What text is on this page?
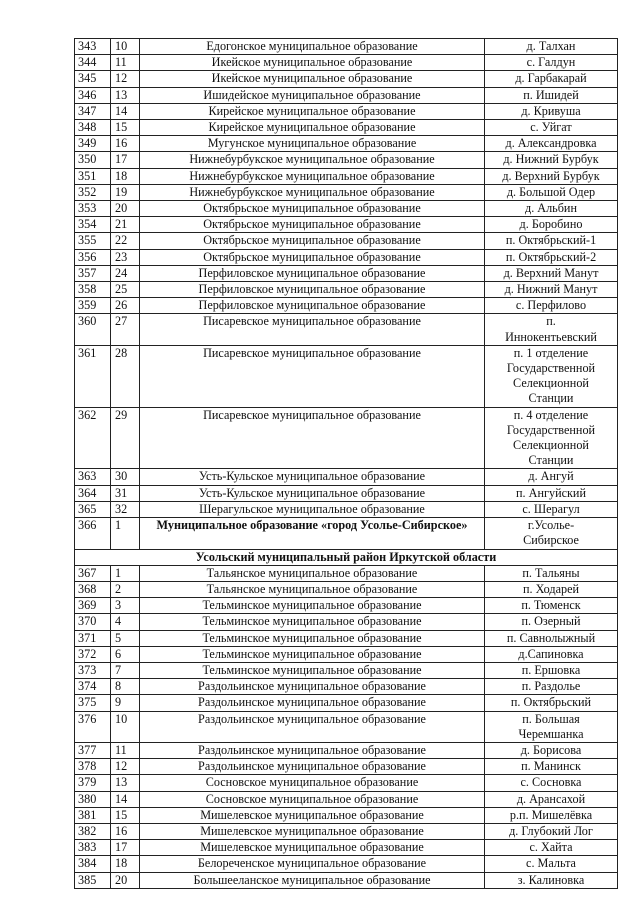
343	10	Едогонское муниципальное образование	д. Талхан

344	11	Икейское муниципальное образование	с. Галдун

345	12	Икейское муниципальное образование	д. Гарбакарай

346	13	Ишидейское муниципальное образование	п. Ишидей

347	14	Кирейское муниципальное образование	д. Кривуша

348	15	Кирейское муниципальное образование	с. Уйгат

349	16	Мугунское муниципальное образование	д. Александровка

350	17	Нижнебурбукское муниципальное образование	д. Нижний Бурбук

351	18	Нижнебурбукское муниципальное образование	д. Верхний Бурбук

352	19	Нижнебурбукское муниципальное образование	д. Большой Одер

353	20	Октябрьское муниципальное образование	д. Альбин

354	21	Октябрьское муниципальное образование	д. Боробино

355	22	Октябрьское муниципальное образование	п. Октябрьский-1

356	23	Октябрьское муниципальное образование	п. Октябрьский-2

357	24	Перфиловское муниципальное образование	д. Верхний Манут

358	25	Перфиловское муниципальное образование	д. Нижний Манут

359	26	Перфиловское муниципальное образование	с. Перфилово

360	27	Писаревское муниципальное образование	п.
Иннокентьевский

361	28	Писаревское муниципальное образование	п. 1 отделение
Государственной
Селекционной
Станции

362	29	Писаревское муниципальное образование	п. 4 отделение
Государственной
Селекционной
Станции

363	30	Усть-Кульское муниципальное образование	д. Ангуй

364	31	Усть-Кульское муниципальное образование	п. Ангуйский

365	32	Шерагульское муниципальное образование	с. Шерагул

366	1	Муниципальное образование «город Усолье-Сибирское»	г.Усолье-
Сибирское

Усольский муниципальный район Иркутской области			
367	1	Тальянское муниципальное образование	п. Тальяны

368	2	Тальянское муниципальное образование	п. Ходарей

369	3	Тельминское муниципальное образование	п. Тюменск

370	4	Тельминское муниципальное образование	п. Озерный

371	5	Тельминское муниципальное образование	п. Савнолыжный

372	6	Тельминское муниципальное образование	д.Сапиновка

373	7	Тельминское муниципальное образование	п. Ершовка

374	8	Раздольинское муниципальное образование	п. Раздолье

375	9	Раздольинское муниципальное образование	п. Октябрьский

376	10	Раздольинское муниципальное образование	п. Большая
Черемшанка

377	11	Раздольинское муниципальное образование	д. Борисова

378	12	Раздольинское муниципальное образование	п. Манинск

379	13	Сосновское муниципальное образование	с. Сосновка

380	14	Сосновское муниципальное образование	д. Арансахой

381	15	Мишелевское муниципальное образование	р.п. Мишелёвка

382	16	Мишелевское муниципальное образование	д. Глубокий Лог

383	17	Мишелевское муниципальное образование	с. Хайта

384	18	Белореченское муниципальное образование	с. Мальта

385	20	Большееланское муниципальное образование	з. Калиновка
